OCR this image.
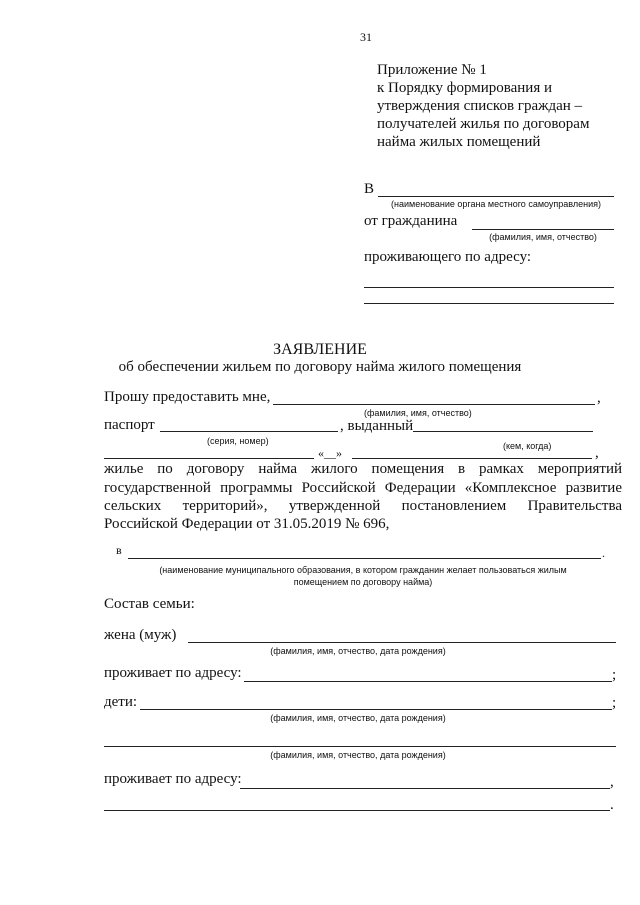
31
Приложение № 1
к Порядку формирования и
утверждения списков граждан –
получателей жилья по договорам
найма жилых помещений
В
(наименование органа местного самоуправления)
от гражданина
(фамилия, имя, отчество)
проживающего по адресу:
ЗАЯВЛЕНИЕ
об обеспечении жильем по договору найма жилого помещения
Прошу предоставить мне,	,
(фамилия, имя, отчество)
паспорт	, выданный
(серия, номер)	(кем, когда)
«__»	,
жилье по договору найма жилого помещения в рамках мероприятий
государственной программы Российской Федерации «Комплексное развитие
сельских территорий», утвержденной постановлением Правительства
Российской Федерации от 31.05.2019 № 696,
в	.
(наименование муниципального образования, в котором гражданин желает пользоваться жилым
помещением по договору найма)
Состав семьи:
жена (муж)
(фамилия, имя, отчество, дата рождения)
проживает по адресу:	;
дети:	;
(фамилия, имя, отчество, дата рождения)
(фамилия, имя, отчество, дата рождения)
проживает по адресу:	,
.
